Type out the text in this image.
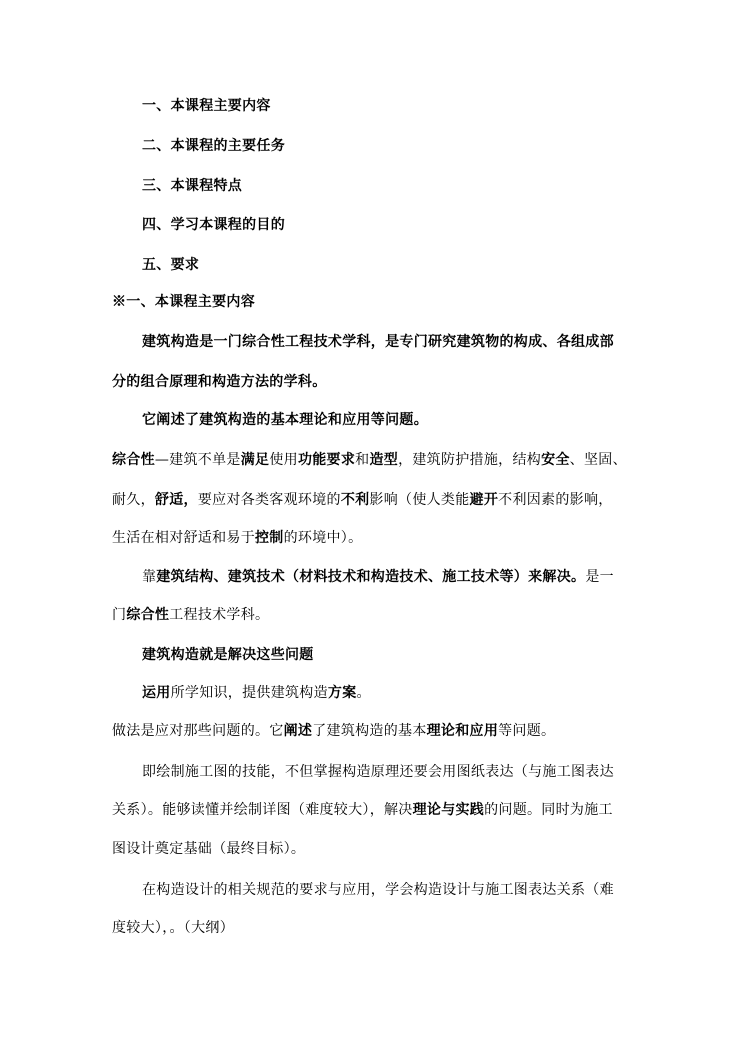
一、本课程主要内容
二、本课程的主要任务
三、本课程特点
四、学习本课程的目的
五、要求
※一、本课程主要内容
建筑构造是一门综合性工程技术学科，是专门研究建筑物的构成、各组成部
分的组合原理和构造方法的学科。
它阐述了建筑构造的基本理论和应用等问题。
综合性—建筑不单是满足使用功能要求和造型，建筑防护措施，结构安全、坚固、
耐久，舒适，要应对各类客观环境的不利影响（使人类能避开不利因素的影响，
生活在相对舒适和易于控制的环境中）。
靠建筑结构、建筑技术（材料技术和构造技术、施工技术等）来解决。是一
门综合性工程技术学科。
建筑构造就是解决这些问题
运用所学知识，提供建筑构造方案。
做法是应对那些问题的。它阐述了建筑构造的基本理论和应用等问题。
即绘制施工图的技能，不但掌握构造原理还要会用图纸表达（与施工图表达
关系）。能够读懂并绘制详图（难度较大），解决理论与实践的问题。同时为施工
图设计奠定基础（最终目标）。
在构造设计的相关规范的要求与应用，学会构造设计与施工图表达关系（难
度较大），。（大纲）
